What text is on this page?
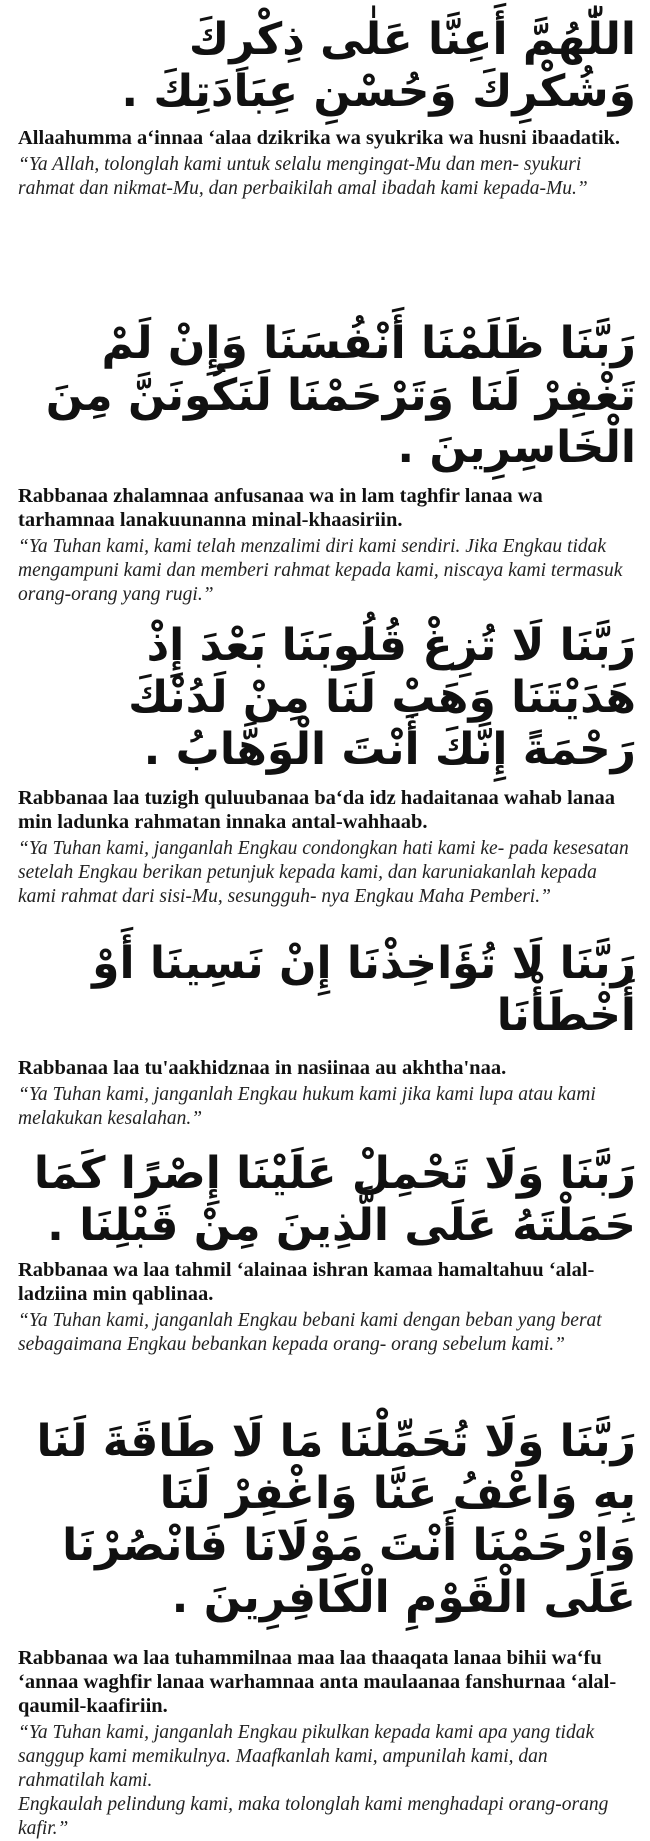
اللّٰهُمَّ أَعِنَّا عَلٰى ذِكْرِكَ وَشُكْرِكَ وَحُسْنِ عِبَادَتِكَ .
Allaahumma a‘innaa ‘alaa dzikrika wa syukrika wa husni ibaadatik.

“Ya Allah, tolonglah kami untuk selalu mengingat-Mu dan men- syukuri rahmat dan nikmat-Mu, dan perbaikilah amal ibadah kami kepada-Mu.”

رَبَّنَا ظَلَمْنَا أَنْفُسَنَا وَإِنْ لَمْ تَغْفِرْ لَنَا وَتَرْحَمْنَا لَنَكُونَنَّ مِنَ الْخَاسِرِينَ .
Rabbanaa zhalamnaa anfusanaa wa in lam taghfir lanaa wa tarhamnaa lanakuunanna minal-khaasiriin.

“Ya Tuhan kami, kami telah menzalimi diri kami sendiri. Jika Engkau tidak mengampuni kami dan memberi rahmat kepada kami, niscaya kami termasuk orang-orang yang rugi.”

رَبَّنَا لَا تُزِغْ قُلُوبَنَا بَعْدَ إِذْ هَدَيْتَنَا وَهَبْ لَنَا مِنْ لَدُنْكَ رَحْمَةً إِنَّكَ أَنْتَ الْوَهَّابُ .
Rabbanaa laa tuzigh quluubanaa ba‘da idz hadaitanaa wahab lanaa min ladunka rahmatan innaka antal-wahhaab.

“Ya Tuhan kami, janganlah Engkau condongkan hati kami ke- pada kesesatan setelah Engkau berikan petunjuk kepada kami, dan karuniakanlah kepada kami rahmat dari sisi-Mu, sesungguh- nya Engkau Maha Pemberi.”

رَبَّنَا لَا تُؤَاخِذْنَا إِنْ نَسِينَا أَوْ أَخْطَأْنَا
Rabbanaa laa tu'aakhidznaa in nasiinaa au akhtha'naa.

“Ya Tuhan kami, janganlah Engkau hukum kami jika kami lupa atau kami melakukan kesalahan.”

رَبَّنَا وَلَا تَحْمِلْ عَلَيْنَا إِصْرًا كَمَا حَمَلْتَهُ عَلَى الَّذِينَ مِنْ قَبْلِنَا .
Rabbanaa wa laa tahmil ‘alainaa ishran kamaa hamaltahuu ‘alal-ladziina min qablinaa.

“Ya Tuhan kami, janganlah Engkau bebani kami dengan beban yang berat sebagaimana Engkau bebankan kepada orang- orang sebelum kami.”

رَبَّنَا وَلَا تُحَمِّلْنَا مَا لَا طَاقَةَ لَنَا بِهِ وَاعْفُ عَنَّا وَاغْفِرْ لَنَا وَارْحَمْنَا أَنْتَ مَوْلَانَا فَانْصُرْنَا عَلَى الْقَوْمِ الْكَافِرِينَ .
Rabbanaa wa laa tuhammilnaa maa laa thaaqata lanaa bihii wa‘fu ‘annaa waghfir lanaa warhamnaa anta maulaanaa fanshurnaa ‘alal-qaumil-kaafiriin.

“Ya Tuhan kami, janganlah Engkau pikulkan kepada kami apa yang tidak sanggup kami memikulnya. Maafkanlah kami, ampunilah kami, dan rahmatilah kami.

Engkaulah pelindung kami, maka tolonglah kami menghadapi orang-orang kafir.”
